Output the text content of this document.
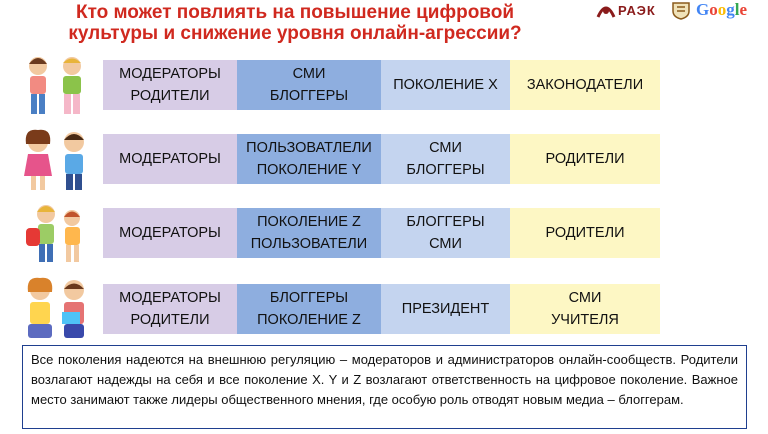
Кто может повлиять на повышение цифровой
культуры и снижение уровня онлайн-агрессии?
РАЭК Google
МОДЕРАТОРЫ
РОДИТЕЛИ
СМИ
БЛОГГЕРЫ
ПОКОЛЕНИЕ X	ЗАКОНОДАТЕЛИ
МОДЕРАТОРЫ
ПОЛЬЗОВАТЛЕЛИ
ПОКОЛЕНИЕ Y
СМИ
БЛОГГЕРЫ
РОДИТЕЛИ
МОДЕРАТОРЫ
ПОКОЛЕНИЕ Z
ПОЛЬЗОВАТЕЛИ
БЛОГГЕРЫ
СМИ
РОДИТЕЛИ
МОДЕРАТОРЫ
РОДИТЕЛИ
БЛОГГЕРЫ
ПОКОЛЕНИЕ Z
ПРЕЗИДЕНТ
СМИ
УЧИТЕЛЯ
Все поколения надеются на внешнюю регуляцию – модераторов и администраторов онлайн-сообществ. Родители возлагают надежды на себя и все поколение X. Y и Z возлагают ответственность на цифровое поколение. Важное место занимают также лидеры общественного мнения, где особую роль отводят новым медиа – блоггерам.
